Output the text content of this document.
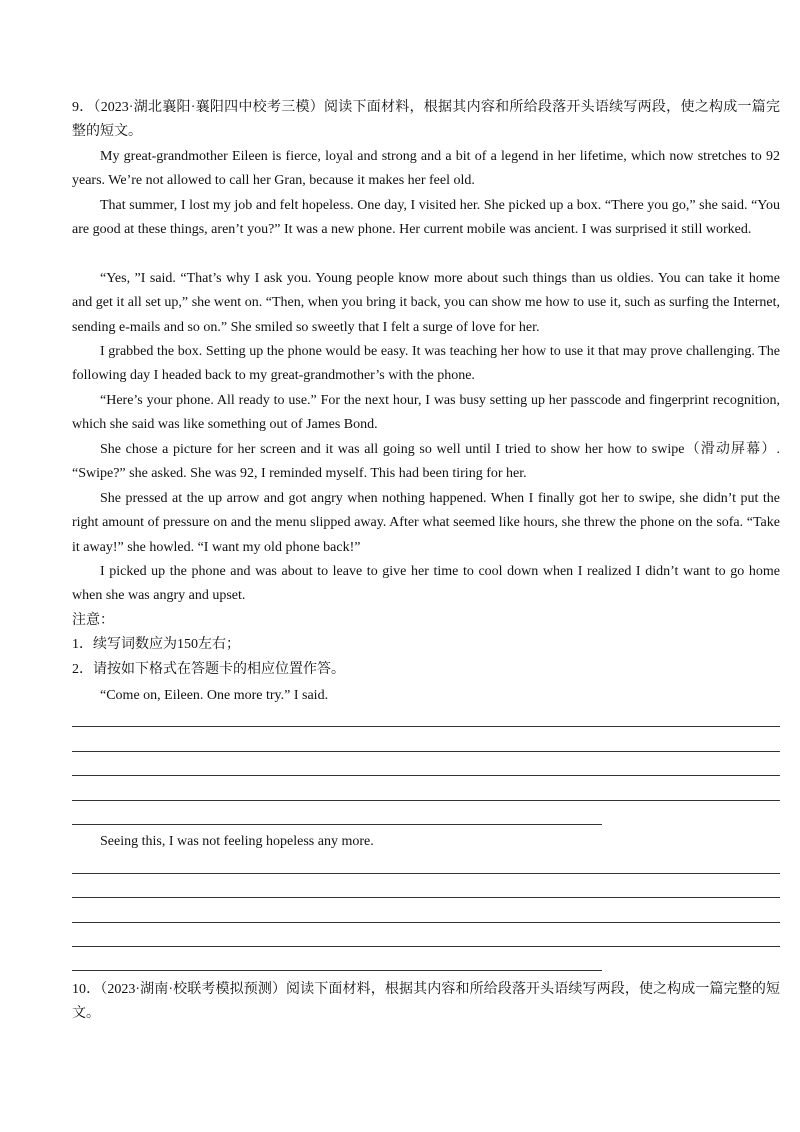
9．（2023·湖北襄阳·襄阳四中校考三模）阅读下面材料，根据其内容和所给段落开头语续写两段，使之构成一篇完整的短文。

My great-grandmother Eileen is fierce, loyal and strong and a bit of a legend in her lifetime, which now stretches to 92 years. We’re not allowed to call her Gran, because it makes her feel old.

That summer, I lost my job and felt hopeless. One day, I visited her. She picked up a box. “There you go,” she said. “You are good at these things, aren’t you?” It was a new phone. Her current mobile was ancient. I was surprised it still worked.

“Yes, ”I said. “That’s why I ask you. Young people know more about such things than us oldies. You can take it home and get it all set up,” she went on. “Then, when you bring it back, you can show me how to use it, such as surfing the Internet, sending e-mails and so on.” She smiled so sweetly that I felt a surge of love for her.

I grabbed the box. Setting up the phone would be easy. It was teaching her how to use it that may prove challenging. The following day I headed back to my great-grandmother’s with the phone.

“Here’s your phone. All ready to use.” For the next hour, I was busy setting up her passcode and fingerprint recognition, which she said was like something out of James Bond.

She chose a picture for her screen and it was all going so well until I tried to show her how to swipe（滑动屏幕）. “Swipe?” she asked. She was 92, I reminded myself. This had been tiring for her.

She pressed at the up arrow and got angry when nothing happened. When I finally got her to swipe, she didn’t put the right amount of pressure on and the menu slipped away. After what seemed like hours, she threw the phone on the sofa. “Take it away!” she howled. “I want my old phone back!”

I picked up the phone and was about to leave to give her time to cool down when I realized I didn’t want to go home when she was angry and upset.

注意：

1．续写词数应为150左右；

2．请按如下格式在答题卡的相应位置作答。

“Come on, Eileen. One more try.” I said.

Seeing this, I was not feeling hopeless any more.

10．（2023·湖南·校联考模拟预测）阅读下面材料，根据其内容和所给段落开头语续写两段，使之构成一篇完整的短文。
